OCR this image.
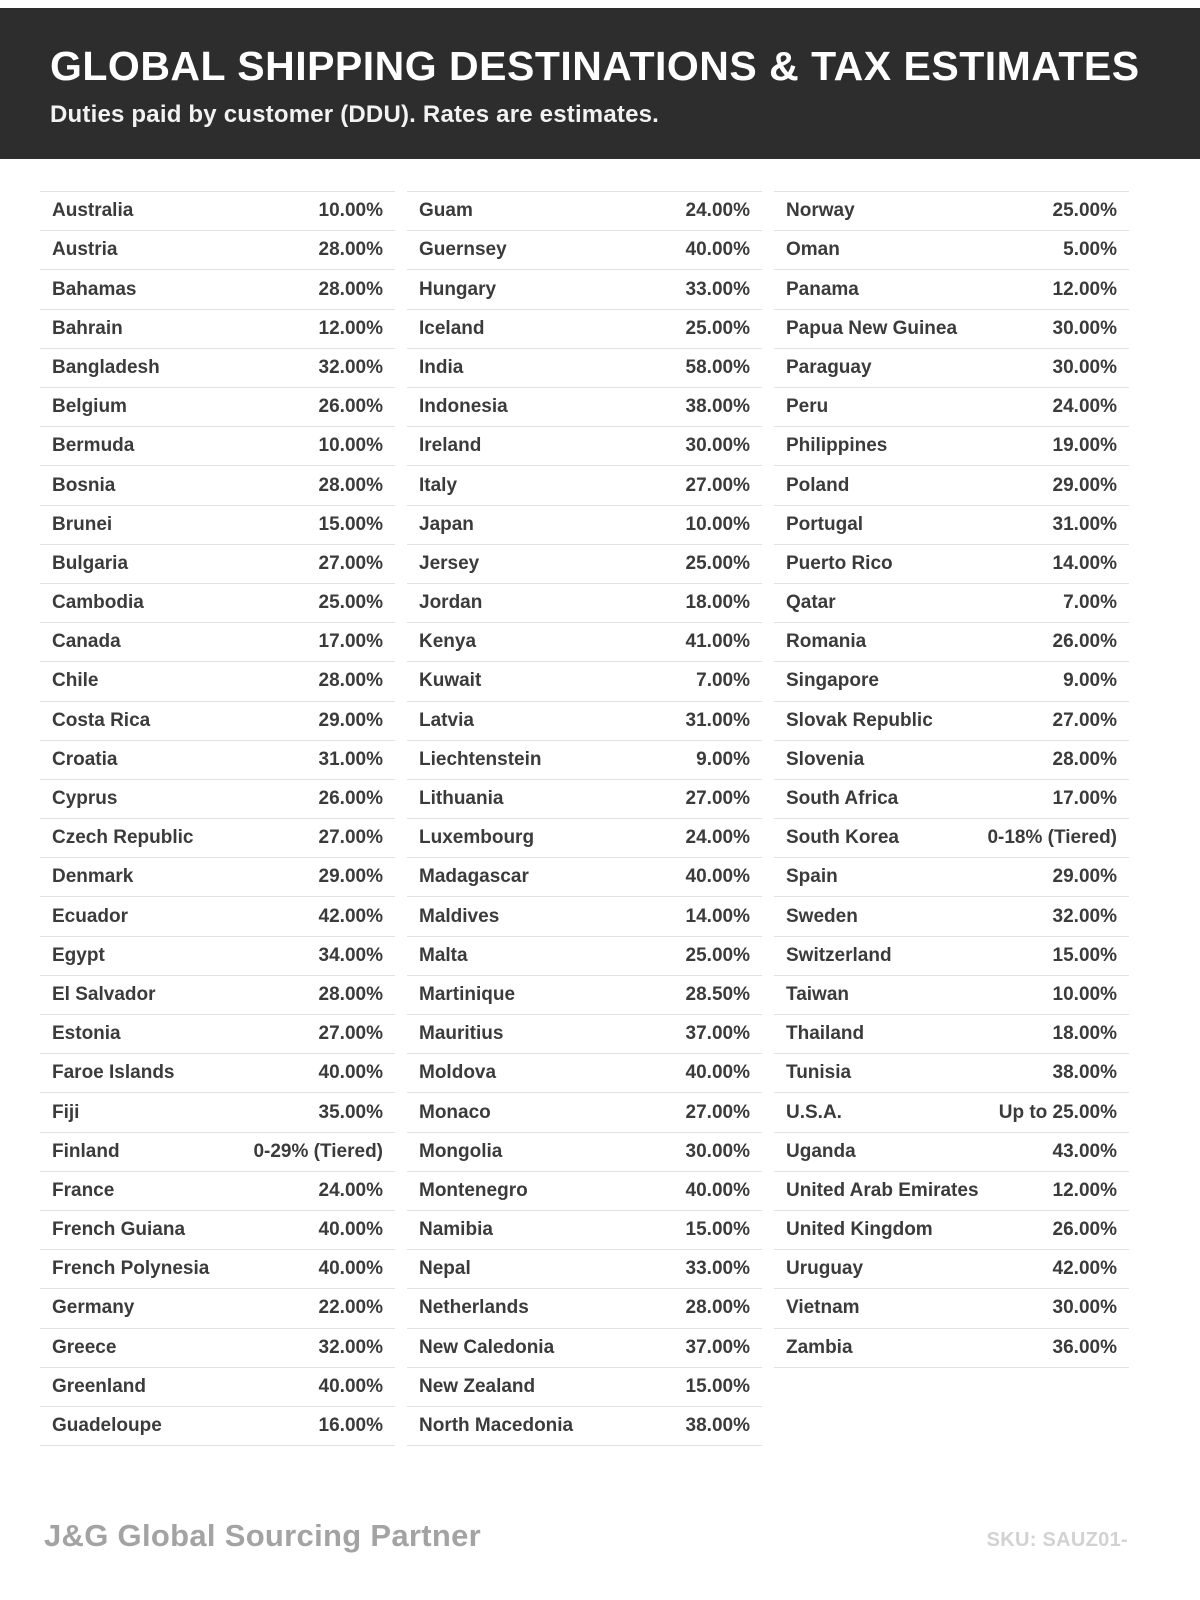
GLOBAL SHIPPING DESTINATIONS & TAX ESTIMATES

Duties paid by customer (DDU). Rates are estimates.

Australia	10.00%
Austria	28.00%
Bahamas	28.00%
Bahrain	12.00%
Bangladesh	32.00%
Belgium	26.00%
Bermuda	10.00%
Bosnia	28.00%
Brunei	15.00%
Bulgaria	27.00%
Cambodia	25.00%
Canada	17.00%
Chile	28.00%
Costa Rica	29.00%
Croatia	31.00%
Cyprus	26.00%
Czech Republic	27.00%
Denmark	29.00%
Ecuador	42.00%
Egypt	34.00%
El Salvador	28.00%
Estonia	27.00%
Faroe Islands	40.00%
Fiji	35.00%
Finland	0-29% (Tiered)
France	24.00%
French Guiana	40.00%
French Polynesia	40.00%
Germany	22.00%
Greece	32.00%
Greenland	40.00%
Guadeloupe	16.00%
Guam	24.00%
Guernsey	40.00%
Hungary	33.00%
Iceland	25.00%
India	58.00%
Indonesia	38.00%
Ireland	30.00%
Italy	27.00%
Japan	10.00%
Jersey	25.00%
Jordan	18.00%
Kenya	41.00%
Kuwait	7.00%
Latvia	31.00%
Liechtenstein	9.00%
Lithuania	27.00%
Luxembourg	24.00%
Madagascar	40.00%
Maldives	14.00%
Malta	25.00%
Martinique	28.50%
Mauritius	37.00%
Moldova	40.00%
Monaco	27.00%
Mongolia	30.00%
Montenegro	40.00%
Namibia	15.00%
Nepal	33.00%
Netherlands	28.00%
New Caledonia	37.00%
New Zealand	15.00%
North Macedonia	38.00%
Norway	25.00%
Oman	5.00%
Panama	12.00%
Papua New Guinea	30.00%
Paraguay	30.00%
Peru	24.00%
Philippines	19.00%
Poland	29.00%
Portugal	31.00%
Puerto Rico	14.00%
Qatar	7.00%
Romania	26.00%
Singapore	9.00%
Slovak Republic	27.00%
Slovenia	28.00%
South Africa	17.00%
South Korea	0-18% (Tiered)
Spain	29.00%
Sweden	32.00%
Switzerland	15.00%
Taiwan	10.00%
Thailand	18.00%
Tunisia	38.00%
U.S.A.	Up to 25.00%
Uganda	43.00%
United Arab Emirates	12.00%
United Kingdom	26.00%
Uruguay	42.00%
Vietnam	30.00%
Zambia	36.00%
J&G Global Sourcing Partner	SKU: SAUZ01-
